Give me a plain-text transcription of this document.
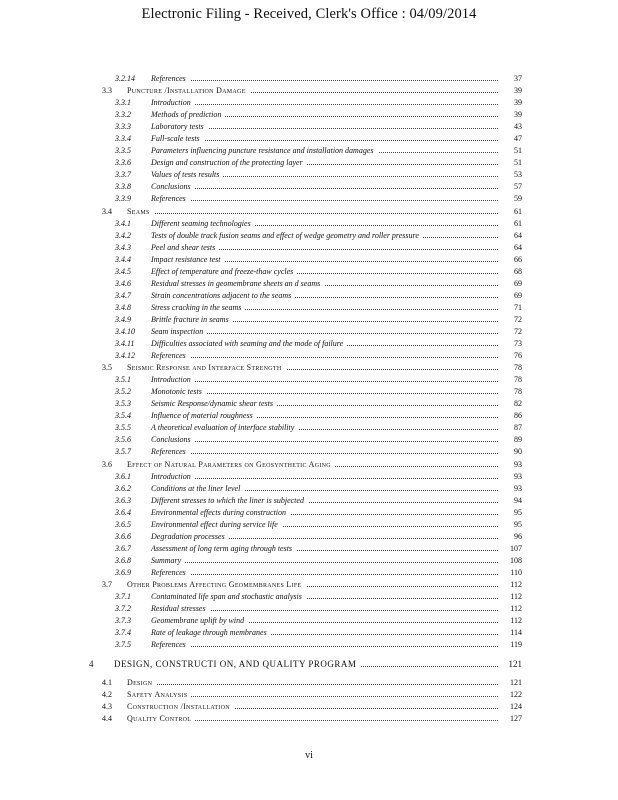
Electronic Filing - Received, Clerk's Office : 04/09/2014
3.2.14 References	37
3.3 Puncture /Installation Damage	39
3.3.1	Introduction	39
3.3.2	Methods of prediction	39
3.3.3	Laboratory tests	43
3.3.4	Full-scale tests	47
3.3.5	Parameters influencing puncture resistance and installation damages	51
3.3.6	Design and construction of the protecting layer	51
3.3.7	Values of tests results	53
3.3.8	Conclusions	57
3.3.9	References	59
3.4 Seams	61
3.4.1	Different seaming technologies	61
3.4.2	Tests of double track fusion seams and effect of wedge geometry and roller pressure	64
3.4.3	Peel and shear tests	64
3.4.4	Impact resistance test	66
3.4.5	Effect of temperature and freeze-thaw cycles	68
3.4.6	Residual stresses in geomembrane sheets an d seams	69
3.4.7	Strain concentrations adjacent to the seams	69
3.4.8	Stress cracking in the seams	71
3.4.9	Brittle fracture in seams	72
3.4.10 Seam inspection	72
3.4.11 Difficulties associated with seaming and the mode of failure	73
3.4.12 References	76
3.5 Seismic Response and Interface Strength	78
3.5.1	Introduction	78
3.5.2	Monotonic tests	78
3.5.3	Seismic Response/dynamic shear tests	82
3.5.4	Influence of material roughness	86
3.5.5	A theoretical evaluation of interface stability	87
3.5.6	Conclusions	89
3.5.7	References	90
3.6 Effect of Natural Parameters on Geosynthetic Aging	93
3.6.1	Introduction	93
3.6.2	Conditions at the liner level	93
3.6.3	Different stresses to which the liner is subjected	94
3.6.4	Environmental effects during construction	95
3.6.5	Environmental effect during service life	95
3.6.6	Degradation processes	96
3.6.7	Assessment of long term aging through tests	107
3.6.8	Summary	108
3.6.9	References	110
3.7 Other Problems Affecting Geomembranes Life	112
3.7.1	Contaminated life span and stochastic analysis	112
3.7.2	Residual stresses	112
3.7.3	Geomembrane uplift by wind	112
3.7.4	Rate of leakage through membranes	114
3.7.5	References	119
4 DESIGN, CONSTRUCTI ON, AND QUALITY PROGRAM	121
4.1 Design	121
4.2 Safety Analysis	122
4.3 Construction /Installation	124
4.4 Quality Control	127
vi
